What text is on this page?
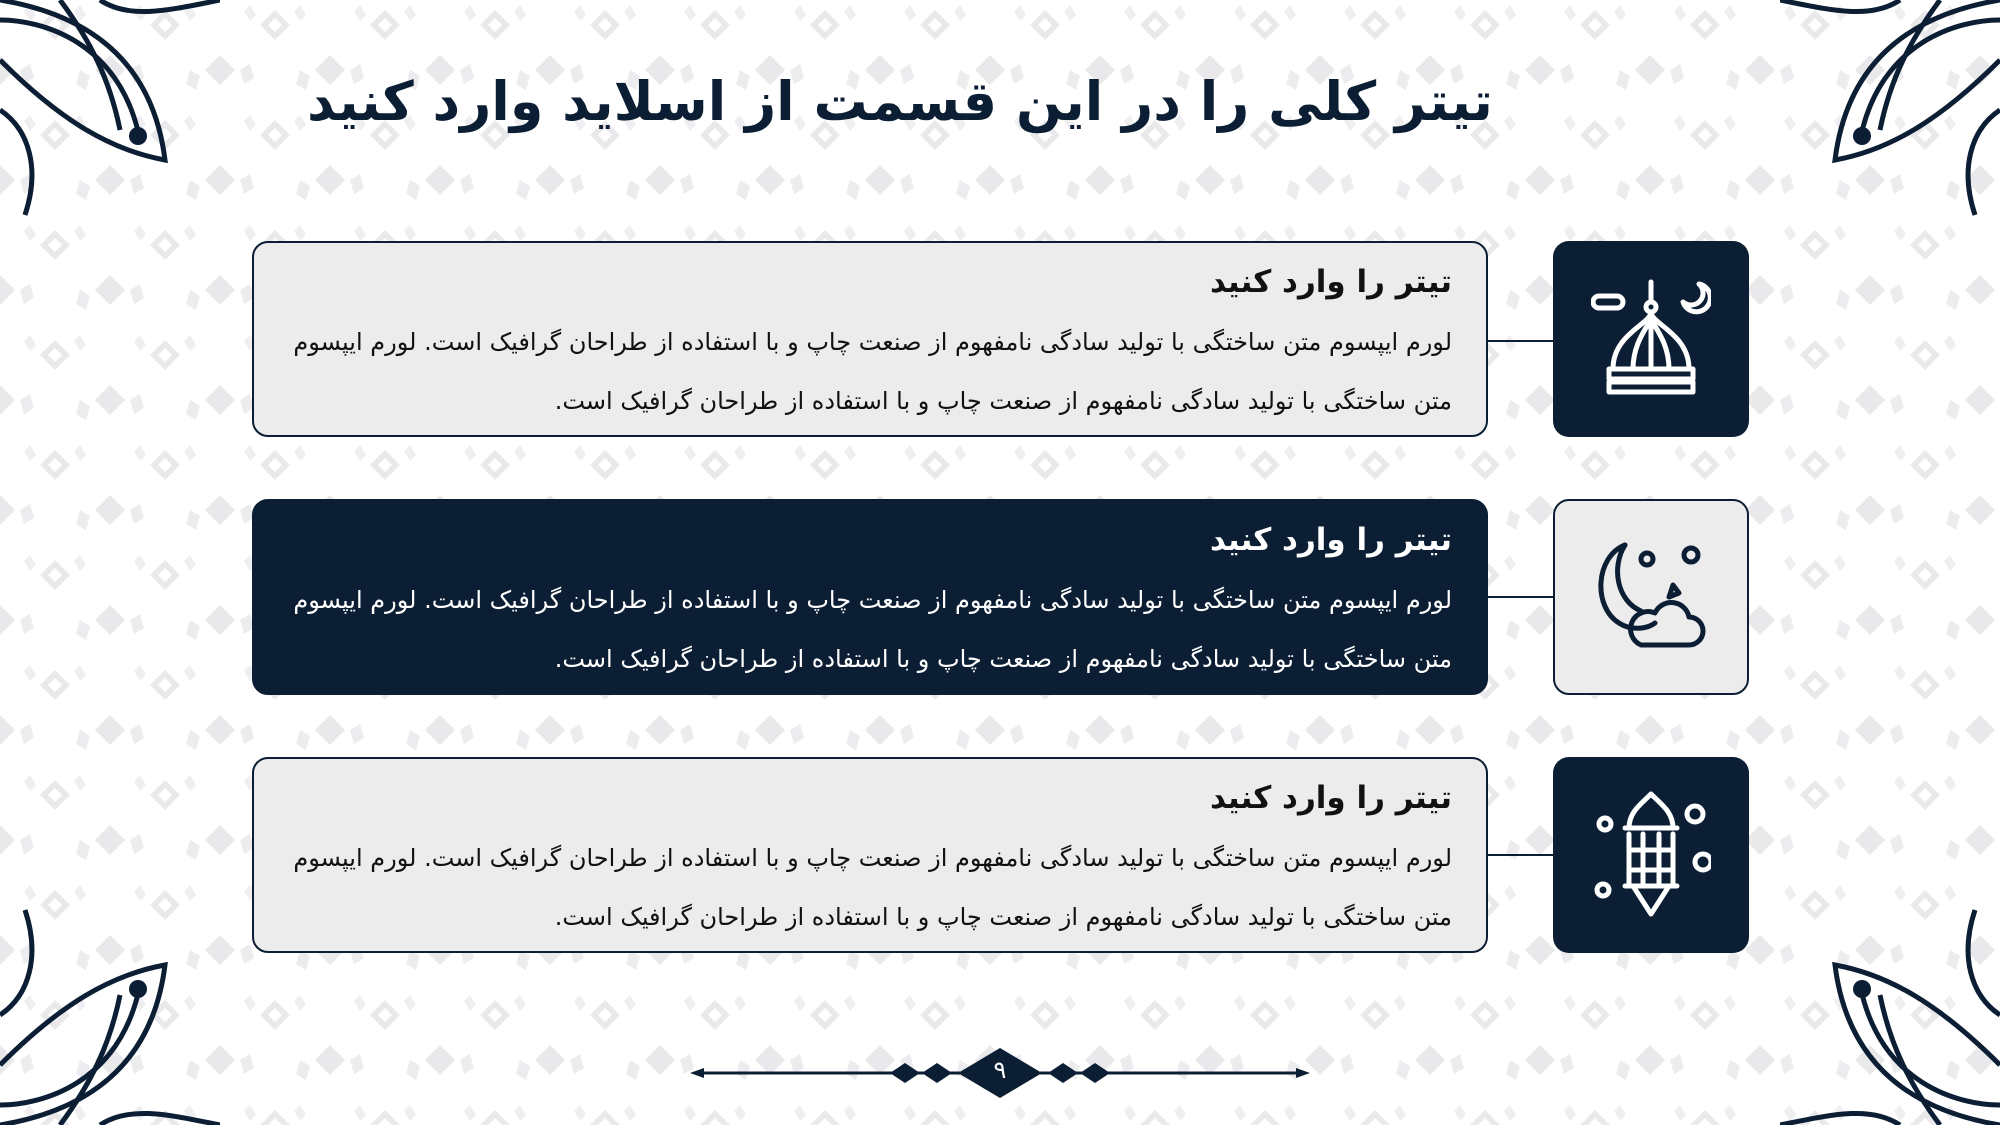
تیتر کلی را در این قسمت از اسلاید وارد کنید
تیتر را وارد کنید
لورم ایپسوم متن ساختگی با تولید سادگی نامفهوم از صنعت چاپ و با استفاده از طراحان گرافیک است. لورم ایپسوم
متن ساختگی با تولید سادگی نامفهوم از صنعت چاپ و با استفاده از طراحان گرافیک است.
تیتر را وارد کنید
لورم ایپسوم متن ساختگی با تولید سادگی نامفهوم از صنعت چاپ و با استفاده از طراحان گرافیک است. لورم ایپسوم
متن ساختگی با تولید سادگی نامفهوم از صنعت چاپ و با استفاده از طراحان گرافیک است.
تیتر را وارد کنید
لورم ایپسوم متن ساختگی با تولید سادگی نامفهوم از صنعت چاپ و با استفاده از طراحان گرافیک است. لورم ایپسوم
متن ساختگی با تولید سادگی نامفهوم از صنعت چاپ و با استفاده از طراحان گرافیک است.
۹
